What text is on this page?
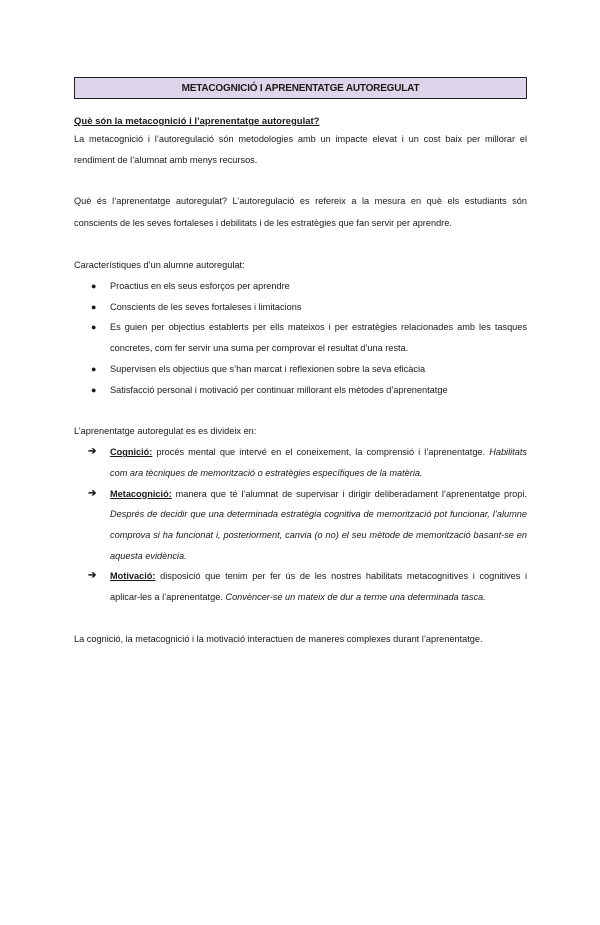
METACOGNICIÓ I APRENENTATGE AUTOREGULAT

Què són la metacognició i l’aprenentatge autoregulat?

La metacognició i l’autoregulació són metodologies amb un impacte elevat i un cost baix per millorar el rendiment de l’alumnat amb menys recursos.

Què és l’aprenentatge autoregulat? L’autoregulació es refereix a la mesura en què els estudiants són conscients de les seves fortaleses i debilitats i de les estratègies que fan servir per aprendre.

Característiques d’un alumne autoregulat:

● Proactius en els seus esforços per aprendre
● Conscients de les seves fortaleses i limitacions
● Es guien per objectius establerts per ells mateixos i per estratègies relacionades amb les tasques concretes, com fer servir una suma per comprovar el resultat d’una resta.
● Supervisen els objectius que s’han marcat i reflexionen sobre la seva eficàcia
● Satisfacció personal i motivació per continuar millorant els mètodes d’aprenentatge

L’aprenentatge autoregulat es es divideix en:

➔ Cognició: procés mental que intervé en el coneixement, la comprensió i l’aprenentatge. Habilitats com ara tècniques de memorització o estratègies específiques de la matèria.
➔ Metacognició: manera que té l’alumnat de supervisar i dirigir deliberadament l’aprenentatge propi. Després de decidir que una determinada estratègia cognitiva de memorització pot funcionar, l’alumne comprova si ha funcionat i, posteriorment, canvia (o no) el seu mètode de memorització basant-se en aquesta evidència.
➔ Motivació: disposició que tenim per fer ús de les nostres habilitats metacognitives i cognitives i aplicar-les a l’aprenentatge. Convèncer-se un mateix de dur a terme una determinada tasca.

La cognició, la metacognició i la motivació interactuen de maneres complexes durant l’aprenentatge.
